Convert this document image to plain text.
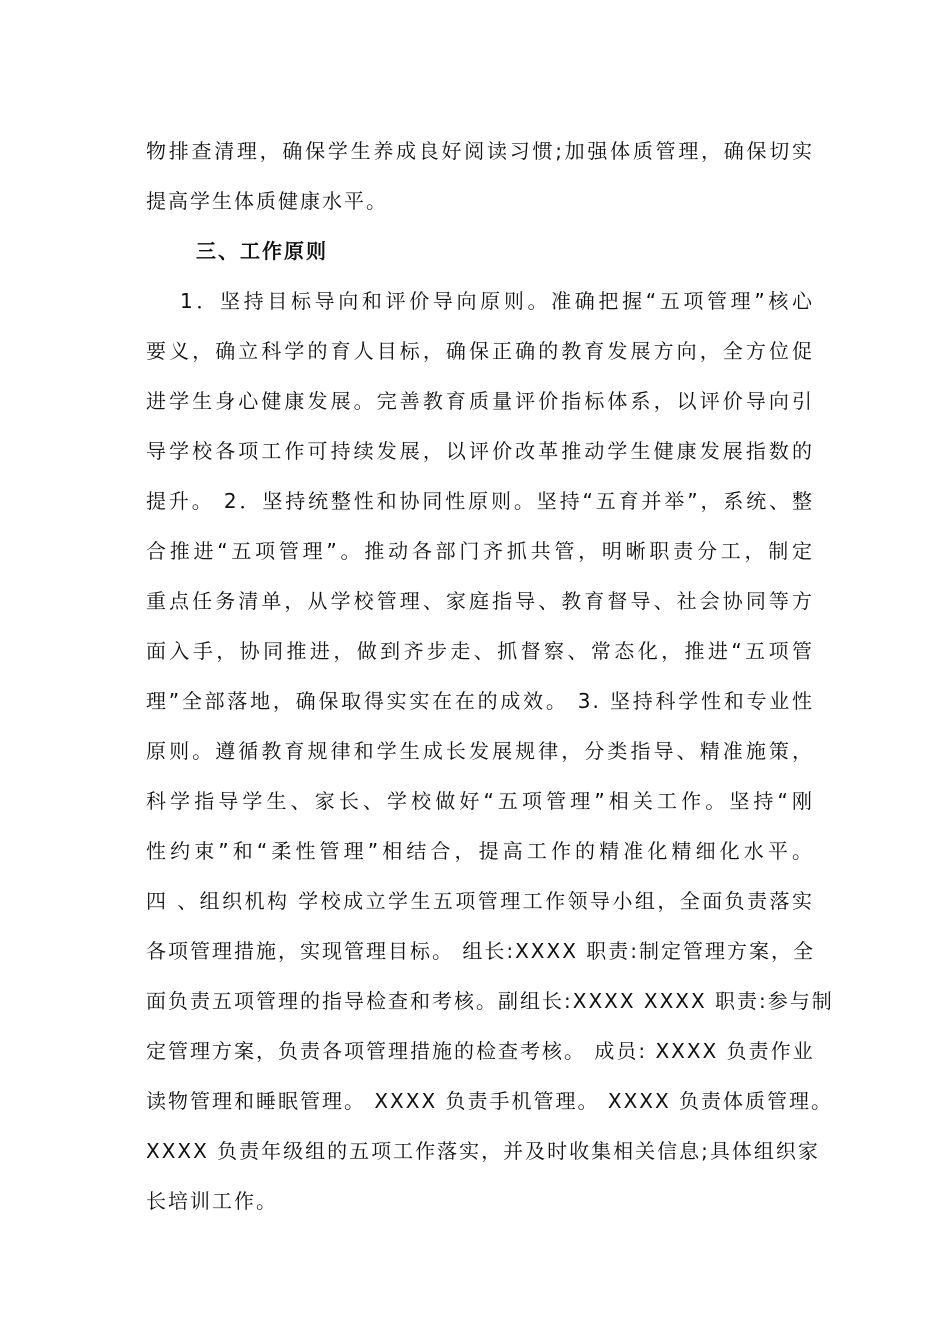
物排查清理，确保学生养成良好阅读习惯;加强体质管理，确保切实
提高学生体质健康水平。
三、工作原则
1．坚持目标导向和评价导向原则。准确把握“五项管理”核心
要义，确立科学的育人目标，确保正确的教育发展方向，全方位促
进学生身心健康发展。完善教育质量评价指标体系，以评价导向引
导学校各项工作可持续发展，以评价改革推动学生健康发展指数的
提升。 2．坚持统整性和协同性原则。坚持“五育并举”，系统、整
合推进“五项管理”。推动各部门齐抓共管，明晰职责分工，制定
重点任务清单，从学校管理、家庭指导、教育督导、社会协同等方
面入手，协同推进，做到齐步走、抓督察、常态化，推进“五项管
理”全部落地，确保取得实实在在的成效。 3. 坚持科学性和专业性
原则。遵循教育规律和学生成长发展规律，分类指导、精准施策，
科学指导学生、家长、学校做好“五项管理”相关工作。坚持“刚
性约束”和“柔性管理”相结合，提高工作的精准化精细化水平。
四 、组织机构 学校成立学生五项管理工作领导小组，全面负责落实
各项管理措施，实现管理目标。 组长:XXXX 职责:制定管理方案，全
面负责五项管理的指导检查和考核。副组长:XXXX XXXX 职责:参与制
定管理方案，负责各项管理措施的检查考核。 成员: XXXX 负责作业
读物管理和睡眠管理。 XXXX 负责手机管理。 XXXX 负责体质管理。
XXXX 负责年级组的五项工作落实，并及时收集相关信息;具体组织家
长培训工作。
